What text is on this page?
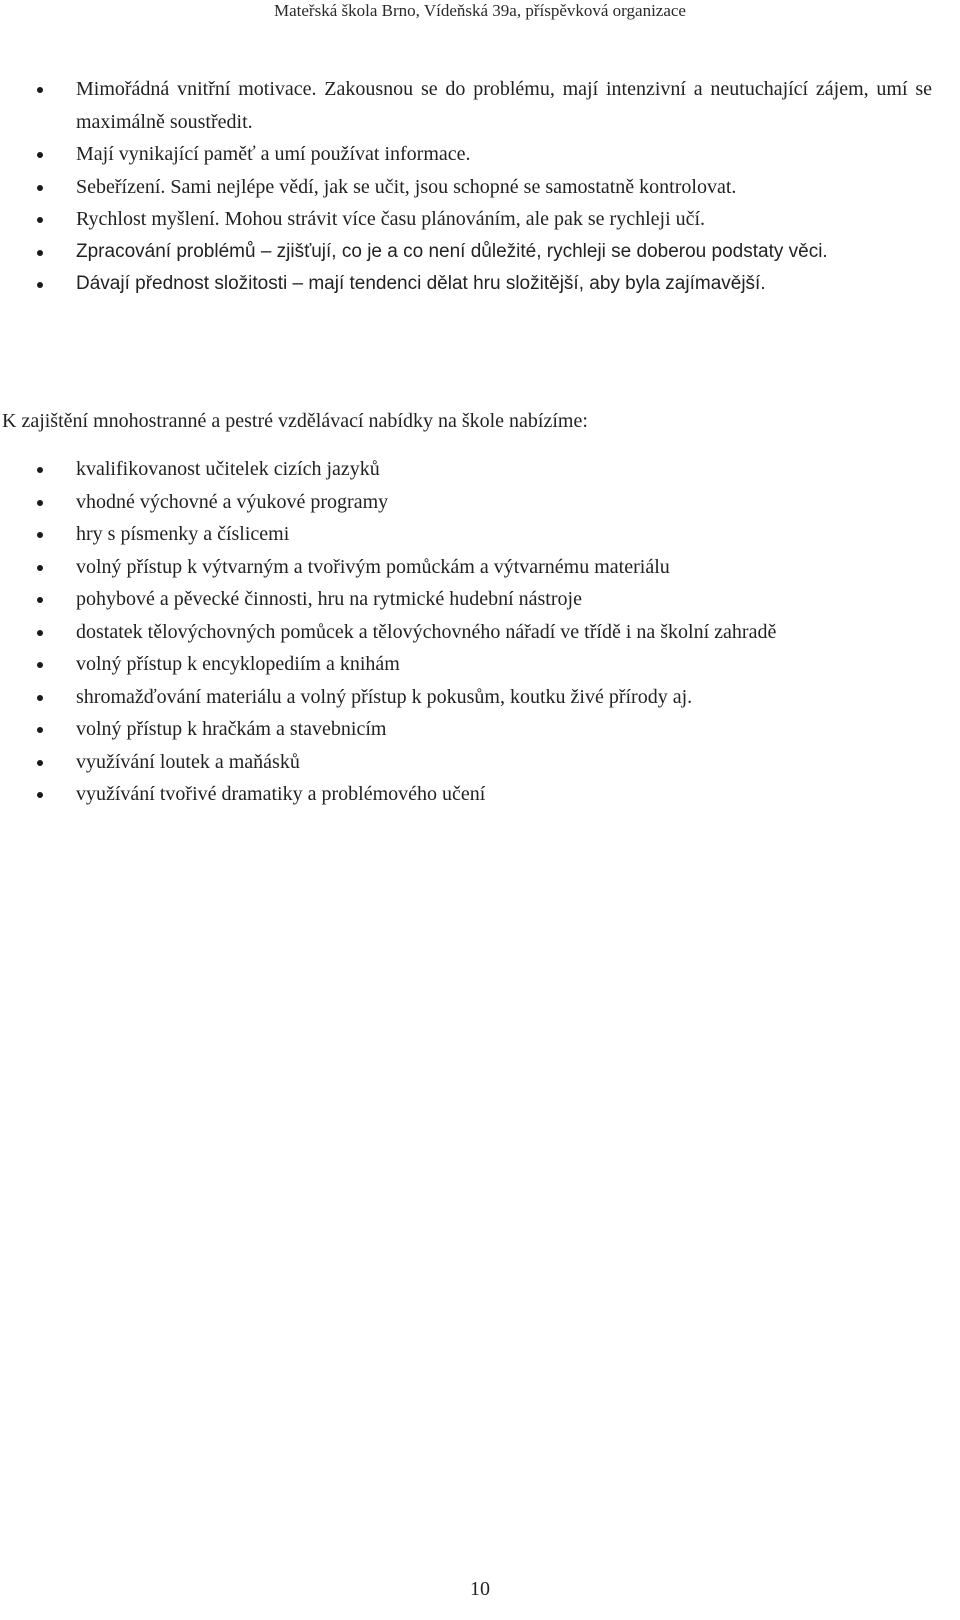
Mateřská škola Brno, Vídeňská 39a, příspěvková organizace
Mimořádná vnitřní motivace. Zakousnou se do problému, mají intenzivní a neutuchající zájem, umí se maximálně soustředit.
Mají vynikající paměť a umí používat informace.
Sebeřízení. Sami nejlépe vědí, jak se učit, jsou schopné se samostatně kontrolovat.
Rychlost myšlení. Mohou strávit více času plánováním, ale pak se rychleji učí.
Zpracování problémů – zjišťují, co je a co není důležité, rychleji se doberou podstaty věci.
Dávají přednost složitosti – mají tendenci dělat hru složitější, aby byla zajímavější.

K zajištění mnohostranné a pestré vzdělávací nabídky na škole nabízíme:

kvalifikovanost učitelek cizích jazyků
vhodné výchovné a výukové programy
hry s písmenky a číslicemi
volný přístup k výtvarným a tvořivým pomůckám a výtvarnému materiálu
pohybové a pěvecké činnosti, hru na rytmické hudební nástroje
dostatek tělovýchovných pomůcek a tělovýchovného nářadí ve třídě i na školní zahradě
volný přístup k encyklopediím a knihám
shromažďování materiálu a volný přístup k pokusům, koutku živé přírody aj.
volný přístup k hračkám a stavebnicím
využívání loutek a maňásků
využívání tvořivé dramatiky a problémového učení
10
